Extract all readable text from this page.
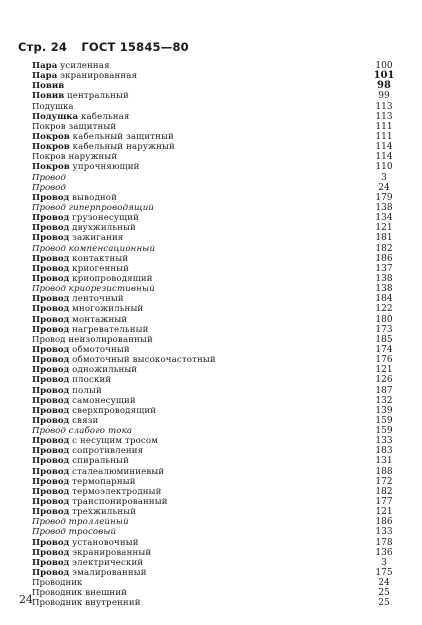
Стр. 24 ГОСТ 15845—80
Пара усиленная	100
Пара экранированная	101
Повив	98
Повив центральный	99
Подушка	113
Подушка кабельная	113
Покров защитный	111
Покров кабельный защитный	111
Покров кабельный наружный	114
Покров наружный	114
Покров упрочняющий	110
Провод	3
Провод	24
Провод выводной	179
Провод гиперпроводящий	138
Провод грузонесущий	134
Провод двухжильный	121
Провод зажигания	181
Провод компенсационный	182
Провод контактный	186
Провод криогенный	137
Провод криопроводящий	138
Провод криорезистивный	138
Провод ленточный	184
Провод многожильный	122
Провод монтажный	180
Провод нагревательный	173
Провод неизолированный	185
Провод обмоточный	174
Провод обмоточный высокочастотный	176
Провод одножильный	121
Провод плоский	126
Провод полый	187
Провод самонесущий	132
Провод сверхпроводящий	139
Провод связи	159
Провод слабого тока	159
Провод с несущим тросом	133
Провод сопротивления	183
Провод спиральный	131
Провод сталеалюминиевый	188
Провод термопарный	172
Провод термоэлектродный	182
Провод транспонированный	177
Провод трехжильный	121
Провод троллейный	186
Провод тросовый	133
Провод установочный	178
Провод экранированный	136
Провод электрический	3
Провод эмалированный	175
Проводник	24
Проводник внешний	25
Проводник внутренний	25
24
